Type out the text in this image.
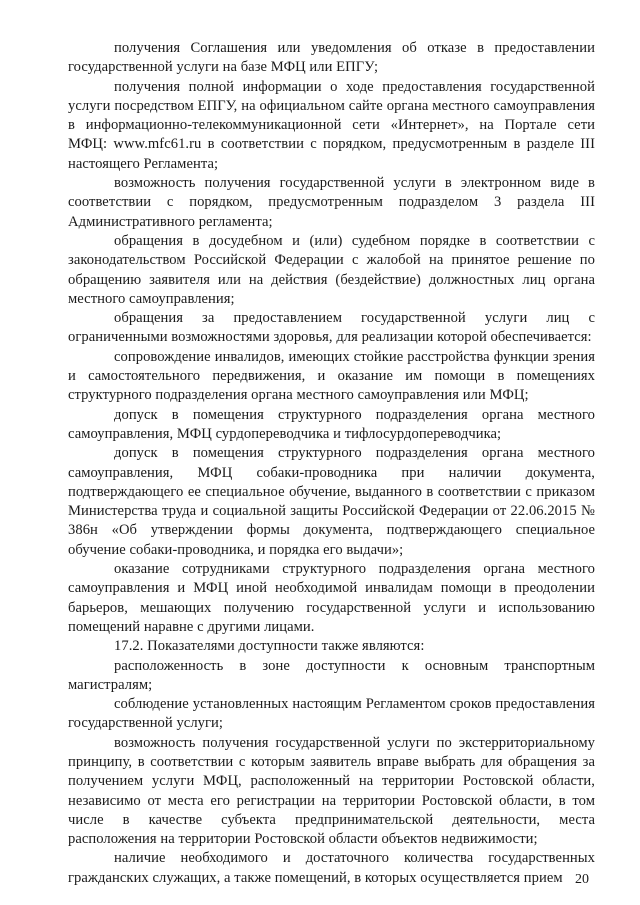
получения Соглашения или уведомления об отказе в предоставлении государственной услуги на базе МФЦ или ЕПГУ;

получения полной информации о ходе предоставления государственной услуги посредством ЕПГУ, на официальном сайте органа местного самоуправления в информационно-телекоммуникационной сети «Интернет», на Портале сети МФЦ: www.mfc61.ru в соответствии с порядком, предусмотренным в разделе III настоящего Регламента;

возможность получения государственной услуги в электронном виде в соответствии с порядком, предусмотренным подразделом 3 раздела III Административного регламента;

обращения в досудебном и (или) судебном порядке в соответствии с законодательством Российской Федерации с жалобой на принятое решение по обращению заявителя или на действия (бездействие) должностных лиц органа местного самоуправления;

обращения за предоставлением государственной услуги лиц с ограниченными возможностями здоровья, для реализации которой обеспечивается:

сопровождение инвалидов, имеющих стойкие расстройства функции зрения и самостоятельного передвижения, и оказание им помощи в помещениях структурного подразделения органа местного самоуправления или МФЦ;

допуск в помещения структурного подразделения органа местного самоуправления, МФЦ сурдопереводчика и тифлосурдопереводчика;

допуск в помещения структурного подразделения органа местного самоуправления, МФЦ собаки-проводника при наличии документа, подтверждающего ее специальное обучение, выданного в соответствии с приказом Министерства труда и социальной защиты Российской Федерации от 22.06.2015 № 386н «Об утверждении формы документа, подтверждающего специальное обучение собаки-проводника, и порядка его выдачи»;

оказание сотрудниками структурного подразделения органа местного самоуправления и МФЦ иной необходимой инвалидам помощи в преодолении барьеров, мешающих получению государственной услуги и использованию помещений наравне с другими лицами.

17.2. Показателями доступности также являются:

расположенность в зоне доступности к основным транспортным магистралям;

соблюдение установленных настоящим Регламентом сроков предоставления государственной услуги;

возможность получения государственной услуги по экстерриториальному принципу, в соответствии с которым заявитель вправе выбрать для обращения за получением услуги МФЦ, расположенный на территории Ростовской области, независимо от места его регистрации на территории Ростовской области, в том числе в качестве субъекта предпринимательской деятельности, места расположения на территории Ростовской области объектов недвижимости;

наличие необходимого и достаточного количества государственных гражданских служащих, а также помещений, в которых осуществляется прием 20
